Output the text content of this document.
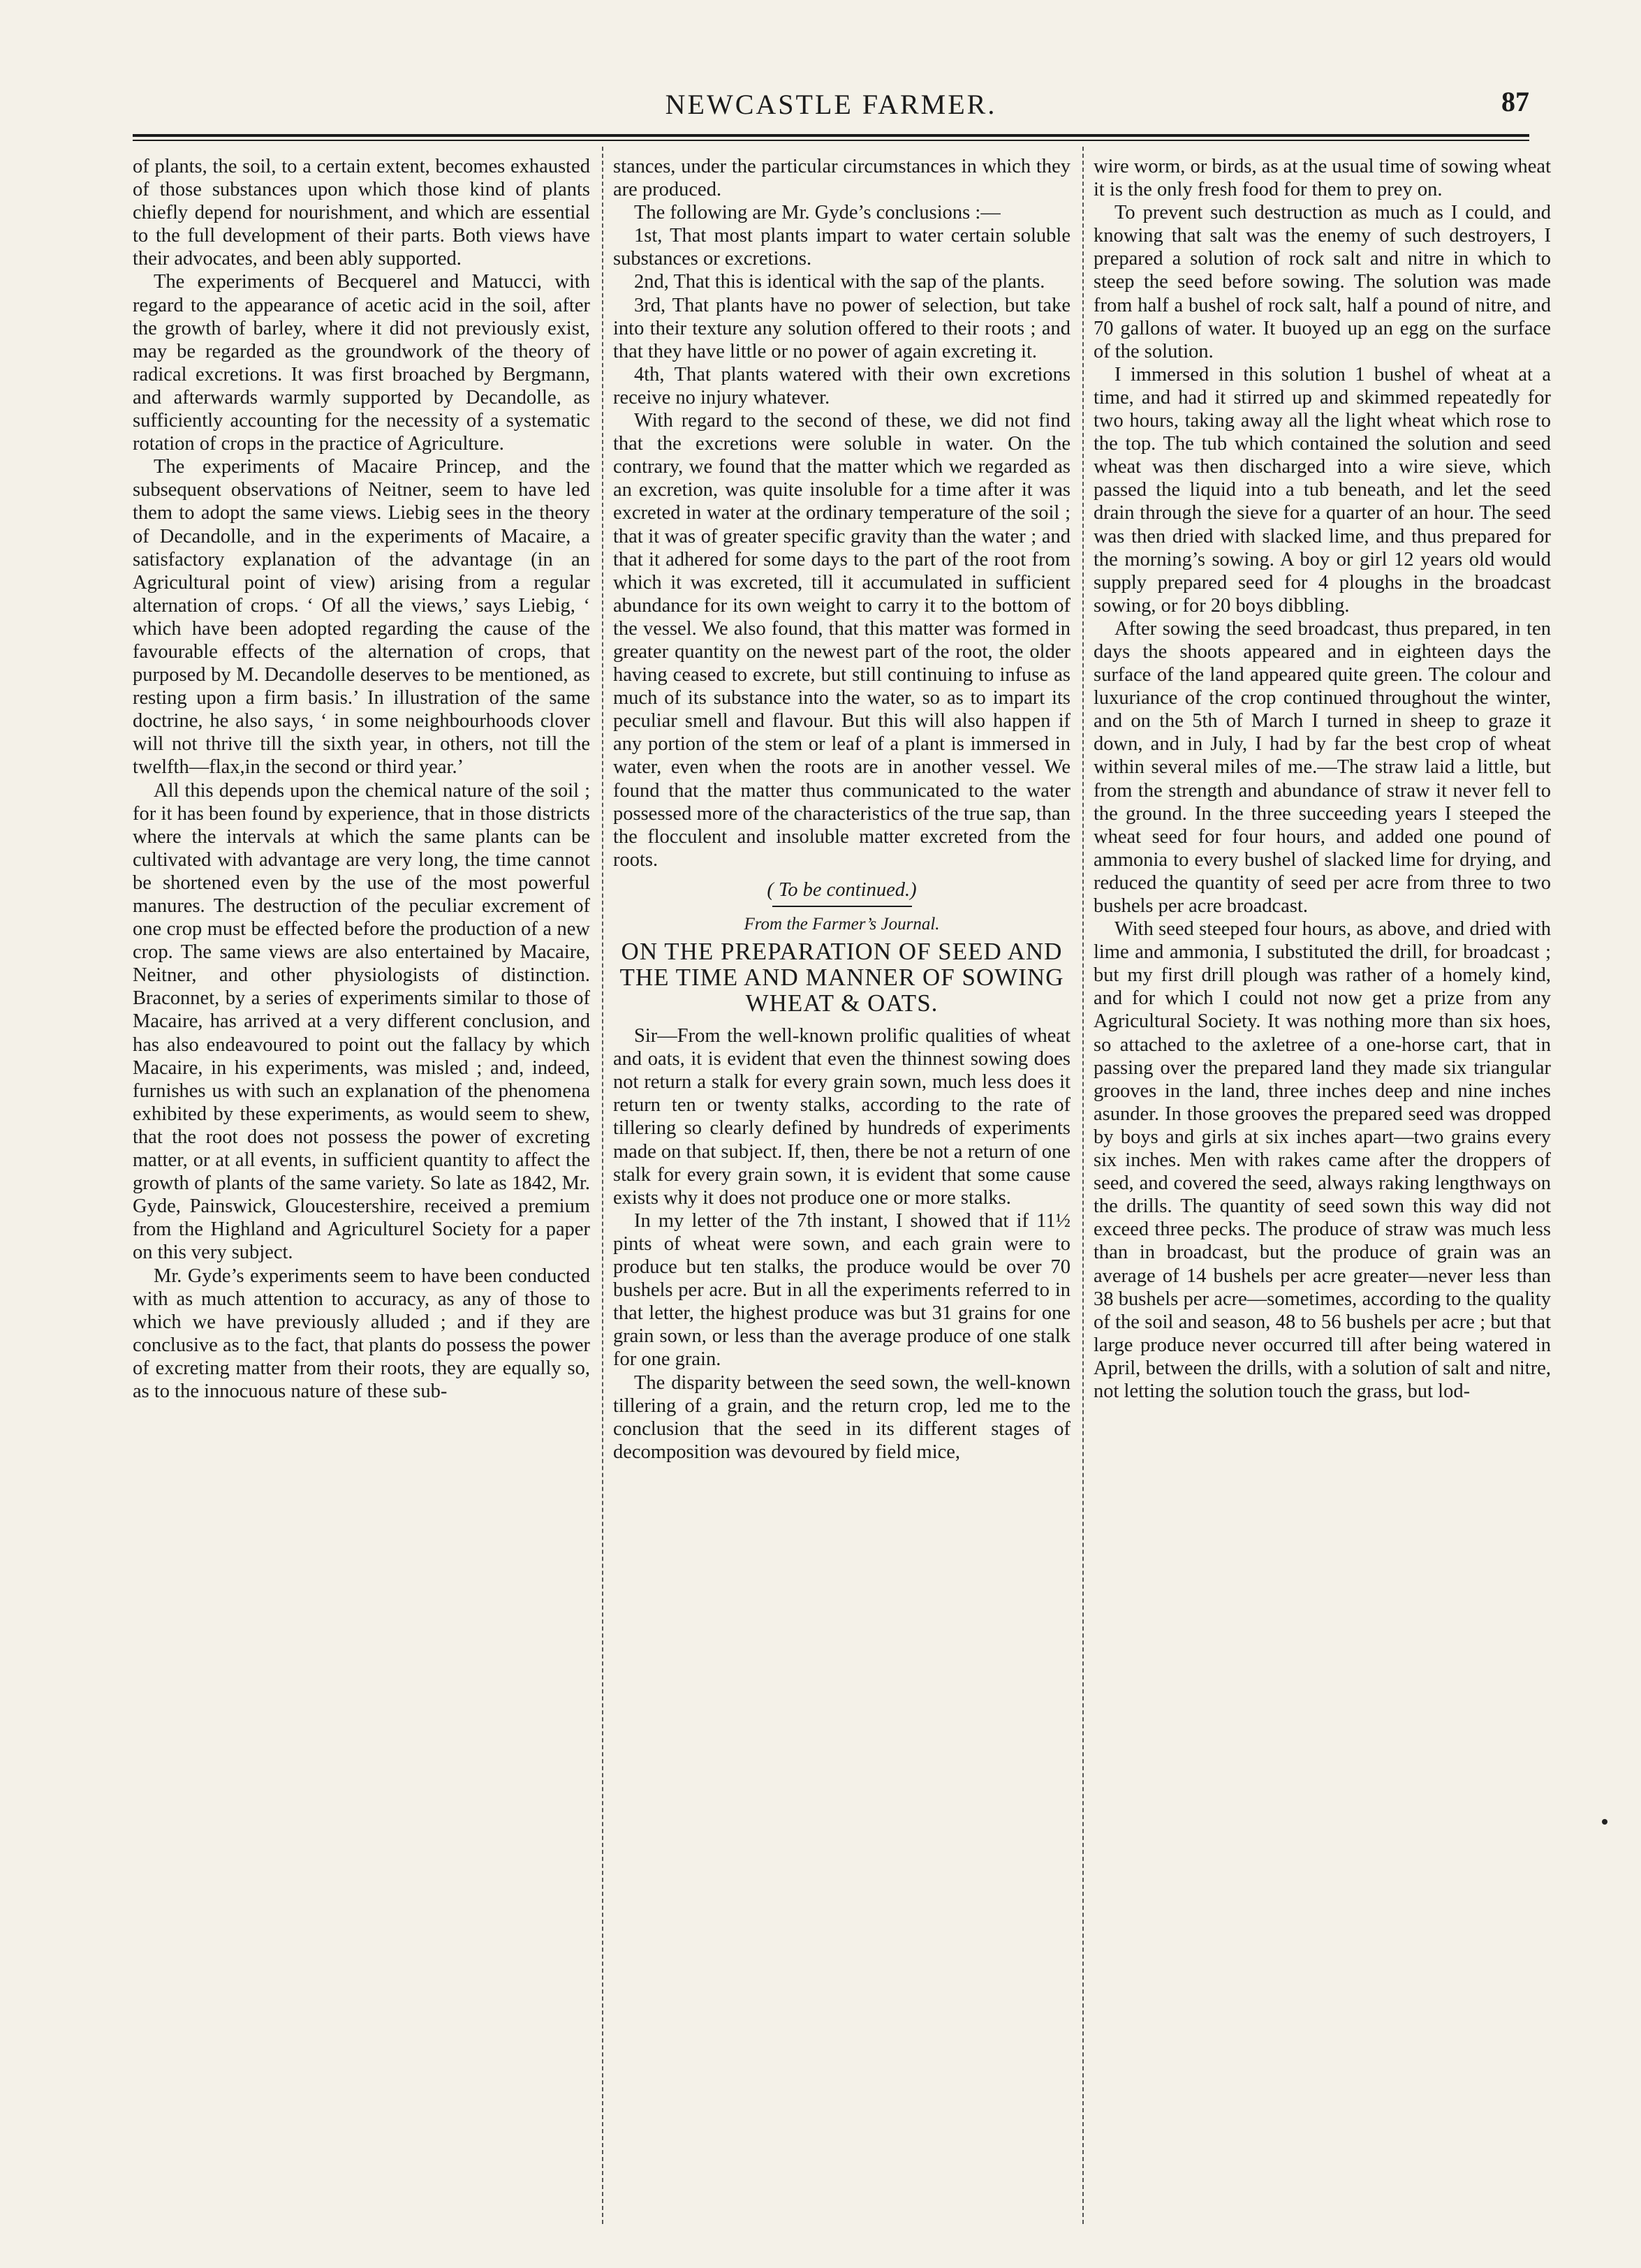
NEWCASTLE FARMER.	87

of plants, the soil, to a certain extent, becomes exhausted of those substances upon which those kind of plants chiefly depend for nourishment, and which are essential to the full development of their parts. Both views have their advocates, and been ably supported.

The experiments of Becquerel and Matucci, with regard to the appearance of acetic acid in the soil, after the growth of barley, where it did not previously exist, may be regarded as the groundwork of the theory of radical excretions. It was first broached by Bergmann, and afterwards warmly supported by Decandolle, as sufficiently accounting for the necessity of a systematic rotation of crops in the practice of Agriculture.

The experiments of Macaire Princep, and the subsequent observations of Neitner, seem to have led them to adopt the same views. Liebig sees in the theory of Decandolle, and in the experiments of Macaire, a satisfactory explanation of the advantage (in an Agricultural point of view) arising from a regular alternation of crops. ‘ Of all the views,’ says Liebig, ‘ which have been adopted regarding the cause of the favourable effects of the alternation of crops, that purposed by M. Decandolle deserves to be mentioned, as resting upon a firm basis.’ In illustration of the same doctrine, he also says, ‘ in some neighbourhoods clover will not thrive till the sixth year, in others, not till the twelfth—flax,in the second or third year.’

All this depends upon the chemical nature of the soil ; for it has been found by experience, that in those districts where the intervals at which the same plants can be cultivated with advantage are very long, the time cannot be shortened even by the use of the most powerful manures. The destruction of the peculiar excrement of one crop must be effected before the production of a new crop. The same views are also entertained by Macaire, Neitner, and other physiologists of distinction. Braconnet, by a series of experiments similar to those of Macaire, has arrived at a very different conclusion, and has also endeavoured to point out the fallacy by which Macaire, in his experiments, was misled ; and, indeed, furnishes us with such an explanation of the phenomena exhibited by these experiments, as would seem to shew, that the root does not possess the power of excreting matter, or at all events, in sufficient quantity to affect the growth of plants of the same variety. So late as 1842, Mr. Gyde, Painswick, Gloucestershire, received a premium from the Highland and Agriculturel Society for a paper on this very subject.

Mr. Gyde’s experiments seem to have been conducted with as much attention to accuracy, as any of those to which we have previously alluded ; and if they are conclusive as to the fact, that plants do possess the power of excreting matter from their roots, they are equally so, as to the innocuous nature of these sub-

stances, under the particular circumstances in which they are produced.

The following are Mr. Gyde’s conclusions :—

1st, That most plants impart to water certain soluble substances or excretions.

2nd, That this is identical with the sap of the plants.

3rd, That plants have no power of selection, but take into their texture any solution offered to their roots ; and that they have little or no power of again excreting it.

4th, That plants watered with their own excretions receive no injury whatever.

With regard to the second of these, we did not find that the excretions were soluble in water. On the contrary, we found that the matter which we regarded as an excretion, was quite insoluble for a time after it was excreted in water at the ordinary temperature of the soil ; that it was of greater specific gravity than the water ; and that it adhered for some days to the part of the root from which it was excreted, till it accumulated in sufficient abundance for its own weight to carry it to the bottom of the vessel. We also found, that this matter was formed in greater quantity on the newest part of the root, the older having ceased to excrete, but still continuing to infuse as much of its substance into the water, so as to impart its peculiar smell and flavour. But this will also happen if any portion of the stem or leaf of a plant is immersed in water, even when the roots are in another vessel. We found that the matter thus communicated to the water possessed more of the characteristics of the true sap, than the flocculent and insoluble matter excreted from the roots.

( To be continued.)
From the Farmer’s Journal.
ON THE PREPARATION OF SEED AND THE TIME AND MANNER OF SOWING WHEAT & OATS.

Sir—From the well-known prolific qualities of wheat and oats, it is evident that even the thinnest sowing does not return a stalk for every grain sown, much less does it return ten or twenty stalks, according to the rate of tillering so clearly defined by hundreds of experiments made on that subject. If, then, there be not a return of one stalk for every grain sown, it is evident that some cause exists why it does not produce one or more stalks.

In my letter of the 7th instant, I showed that if 11½ pints of wheat were sown, and each grain were to produce but ten stalks, the produce would be over 70 bushels per acre. But in all the experiments referred to in that letter, the highest produce was but 31 grains for one grain sown, or less than the average produce of one stalk for one grain.

The disparity between the seed sown, the well-known tillering of a grain, and the return crop, led me to the conclusion that the seed in its different stages of decomposition was devoured by field mice,

wire worm, or birds, as at the usual time of sowing wheat it is the only fresh food for them to prey on.

To prevent such destruction as much as I could, and knowing that salt was the enemy of such destroyers, I prepared a solution of rock salt and nitre in which to steep the seed before sowing. The solution was made from half a bushel of rock salt, half a pound of nitre, and 70 gallons of water. It buoyed up an egg on the surface of the solution.

I immersed in this solution 1 bushel of wheat at a time, and had it stirred up and skimmed repeatedly for two hours, taking away all the light wheat which rose to the top. The tub which contained the solution and seed wheat was then discharged into a wire sieve, which passed the liquid into a tub beneath, and let the seed drain through the sieve for a quarter of an hour. The seed was then dried with slacked lime, and thus prepared for the morning’s sowing. A boy or girl 12 years old would supply prepared seed for 4 ploughs in the broadcast sowing, or for 20 boys dibbling.

After sowing the seed broadcast, thus prepared, in ten days the shoots appeared and in eighteen days the surface of the land appeared quite green. The colour and luxuriance of the crop continued throughout the winter, and on the 5th of March I turned in sheep to graze it down, and in July, I had by far the best crop of wheat within several miles of me.—The straw laid a little, but from the strength and abundance of straw it never fell to the ground. In the three succeeding years I steeped the wheat seed for four hours, and added one pound of ammonia to every bushel of slacked lime for drying, and reduced the quantity of seed per acre from three to two bushels per acre broadcast.

With seed steeped four hours, as above, and dried with lime and ammonia, I substituted the drill, for broadcast ; but my first drill plough was rather of a homely kind, and for which I could not now get a prize from any Agricultural Society. It was nothing more than six hoes, so attached to the axletree of a one-horse cart, that in passing over the prepared land they made six triangular grooves in the land, three inches deep and nine inches asunder. In those grooves the prepared seed was dropped by boys and girls at six inches apart—two grains every six inches. Men with rakes came after the droppers of seed, and covered the seed, always raking lengthways on the drills. The quantity of seed sown this way did not exceed three pecks. The produce of straw was much less than in broadcast, but the produce of grain was an average of 14 bushels per acre greater—never less than 38 bushels per acre—sometimes, according to the quality of the soil and season, 48 to 56 bushels per acre ; but that large produce never occurred till after being watered in April, between the drills, with a solution of salt and nitre, not letting the solution touch the grass, but lod-
